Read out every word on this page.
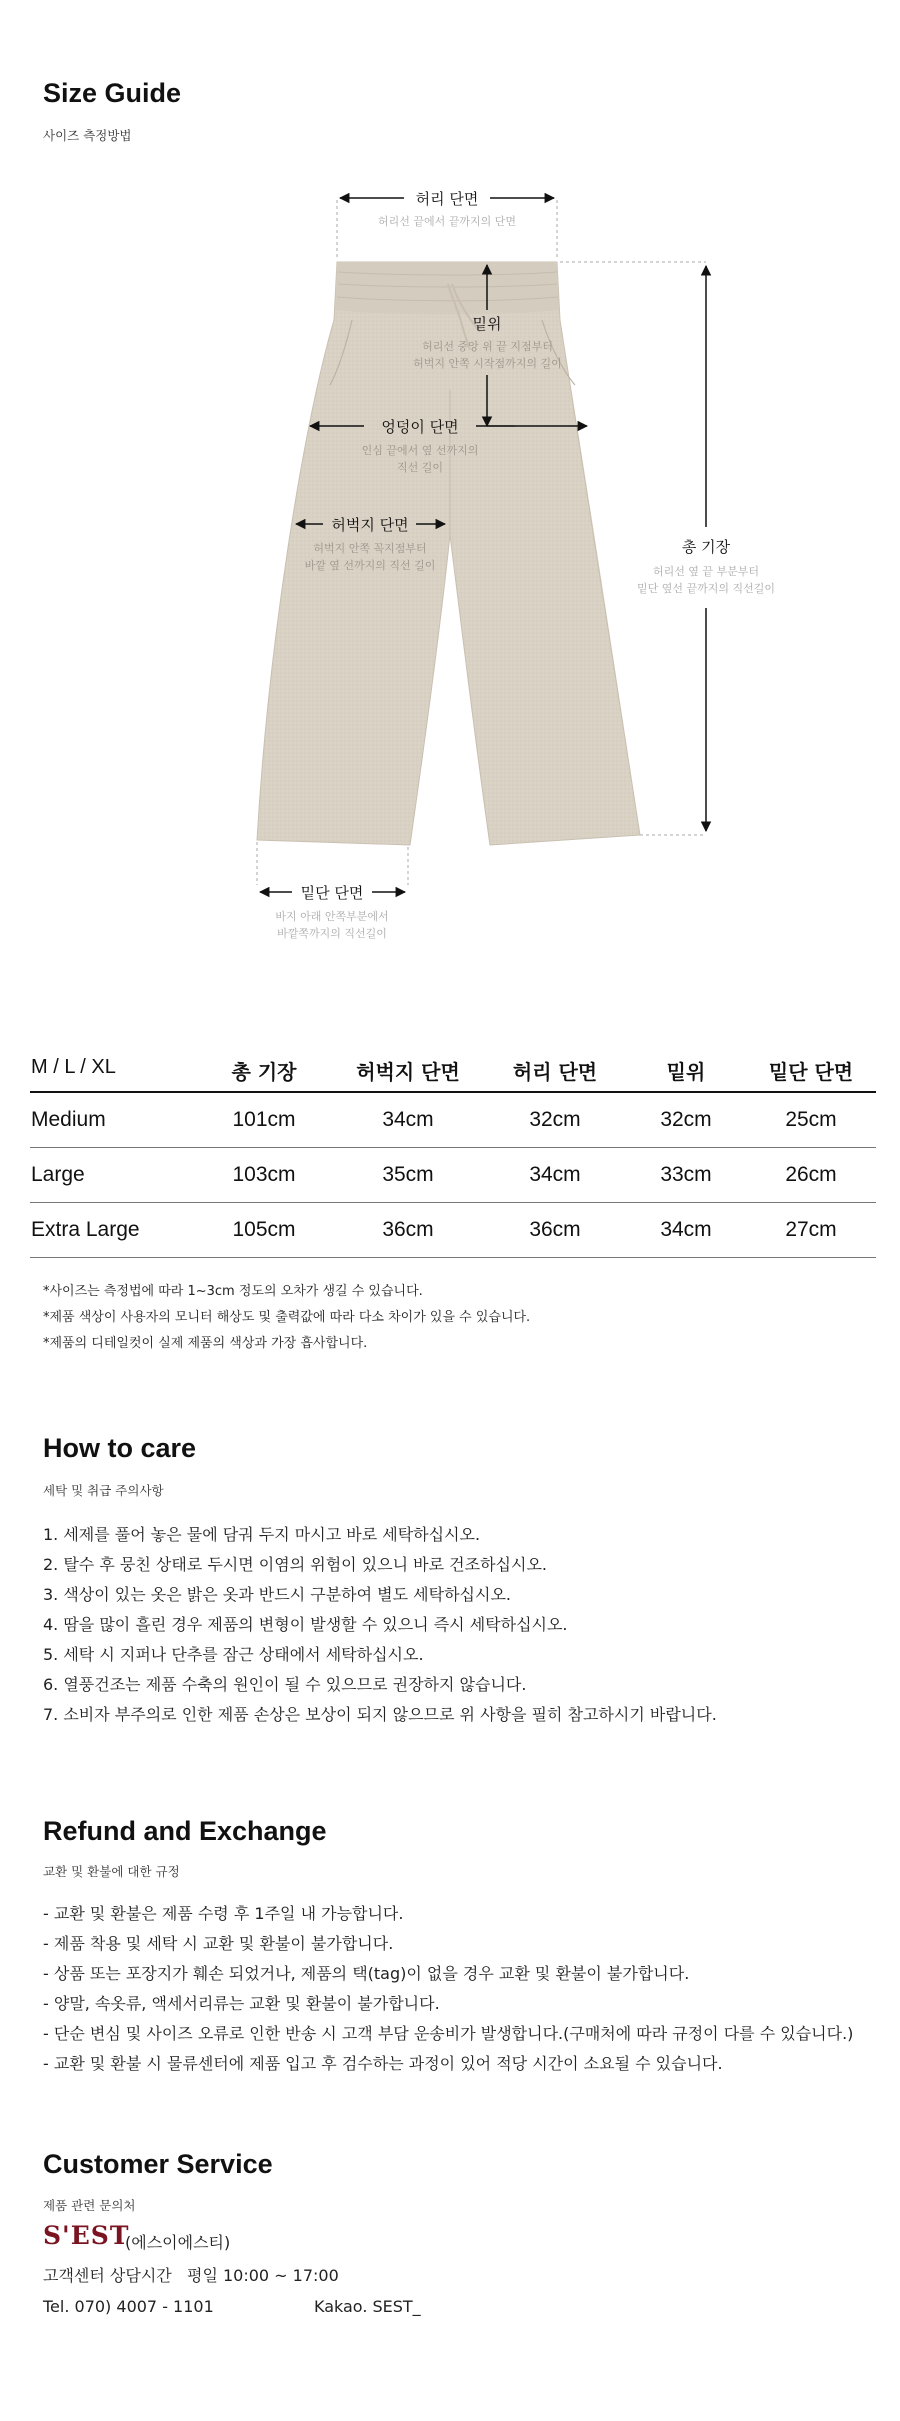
Size Guide
사이즈 측정방법
허리 단면
허리선 끝에서 끝까지의 단면
밑위
허리선 중앙 위 끝 지점부터
허벅지 안쪽 시작점까지의 길이
엉덩이 단면
인심 끝에서 옆 선까지의
직선 길이
허벅지 단면
허벅지 안쪽 꼭지점부터
바깥 옆 선까지의 직선 길이
총 기장
허리선 옆 끝 부분부터
밑단 옆선 끝까지의 직선길이
밑단 단면
바지 아래 안쪽부분에서
바깥쪽까지의 직선길이
M / L / XL	총 기장	허벅지 단면	허리 단면	밑위	밑단 단면
Medium	101cm	34cm	32cm	32cm	25cm
Large	103cm	35cm	34cm	33cm	26cm
Extra Large	105cm	36cm	36cm	34cm	27cm
*사이즈는 측정법에 따라 1~3cm 정도의 오차가 생길 수 있습니다.
*제품 색상이 사용자의 모니터 해상도 및 출력값에 따라 다소 차이가 있을 수 있습니다.
*제품의 디테일컷이 실제 제품의 색상과 가장 흡사합니다.
How to care
세탁 및 취급 주의사항
1. 세제를 풀어 놓은 물에 담궈 두지 마시고 바로 세탁하십시오.
2. 탈수 후 뭉친 상태로 두시면 이염의 위험이 있으니 바로 건조하십시오.
3. 색상이 있는 옷은 밝은 옷과 반드시 구분하여 별도 세탁하십시오.
4. 땀을 많이 흘린 경우 제품의 변형이 발생할 수 있으니 즉시 세탁하십시오.
5. 세탁 시 지퍼나 단추를 잠근 상태에서 세탁하십시오.
6. 열풍건조는 제품 수축의 원인이 될 수 있으므로 권장하지 않습니다.
7. 소비자 부주의로 인한 제품 손상은 보상이 되지 않으므로 위 사항을 필히 참고하시기 바랍니다.
Refund and Exchange
교환 및 환불에 대한 규정
- 교환 및 환불은 제품 수령 후 1주일 내 가능합니다.
- 제품 착용 및 세탁 시 교환 및 환불이 불가합니다.
- 상품 또는 포장지가 훼손 되었거나, 제품의 택(tag)이 없을 경우 교환 및 환불이 불가합니다.
- 양말, 속옷류, 액세서리류는 교환 및 환불이 불가합니다.
- 단순 변심 및 사이즈 오류로 인한 반송 시 고객 부담 운송비가 발생합니다.(구매처에 따라 규정이 다를 수 있습니다.)
- 교환 및 환불 시 물류센터에 제품 입고 후 검수하는 과정이 있어 적당 시간이 소요될 수 있습니다.
Customer Service
제품 관련 문의처
S'EST
(에스이에스티)
고객센터 상담시간   평일 10:00 ~ 17:00
Tel. 070) 4007 - 1101	Kakao. SEST_
